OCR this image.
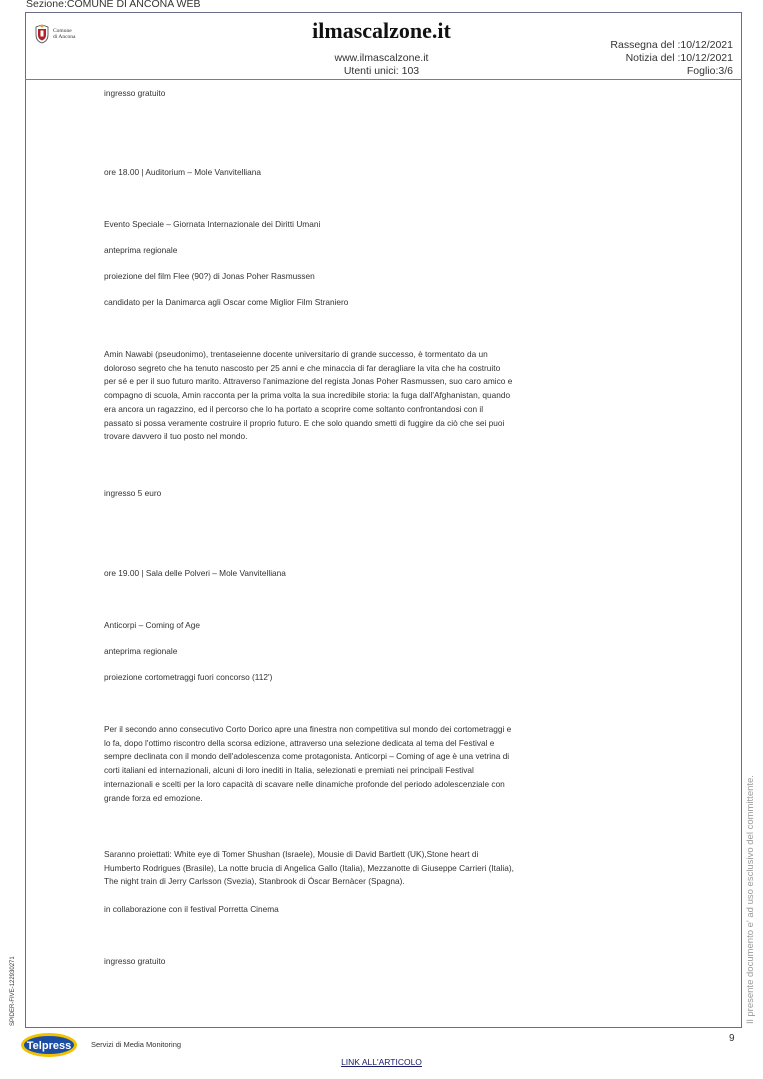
Sezione:COMUNE DI ANCONA WEB
Comune
di Ancona	ilmascalzone.it
www.ilmascalzone.it
Utenti unici: 103
Rassegna del :10/12/2021
Notizia del :10/12/2021
Foglio:3/6

ingresso gratuito

ore 18.00 | Auditorium – Mole Vanvitelliana

Evento Speciale – Giornata Internazionale dei Diritti Umani

anteprima regionale

proiezione del film Flee (90?) di Jonas Poher Rasmussen

candidato per la Danimarca agli Oscar come Miglior Film Straniero

Amin Nawabi (pseudonimo), trentaseienne docente universitario di grande successo, è tormentato da un doloroso segreto che ha tenuto nascosto per 25 anni e che minaccia di far deragliare la vita che ha costruito per sé e per il suo futuro marito. Attraverso l'animazione del regista Jonas Poher Rasmussen, suo caro amico e compagno di scuola, Amin racconta per la prima volta la sua incredibile storia: la fuga dall'Afghanistan, quando era ancora un ragazzino, ed il percorso che lo ha portato a scoprire come soltanto confrontandosi con il passato si possa veramente costruire il proprio futuro. E che solo quando smetti di fuggire da ciò che sei puoi trovare davvero il tuo posto nel mondo.

ingresso 5 euro

ore 19.00 | Sala delle Polveri – Mole Vanvitelliana

Anticorpi – Coming of Age

anteprima regionale

proiezione cortometraggi fuori concorso (112')

Per il secondo anno consecutivo Corto Dorico apre una finestra non competitiva sul mondo dei cortometraggi e lo fa, dopo l'ottimo riscontro della scorsa edizione, attraverso una selezione dedicata al tema del Festival e sempre declinata con il mondo dell'adolescenza come protagonista. Anticorpi – Coming of age è una vetrina di corti italiani ed internazionali, alcuni di loro inediti in Italia, selezionati e premiati nei principali Festival internazionali e scelti per la loro capacità di scavare nelle dinamiche profonde del periodo adolescenziale con grande forza ed emozione.

Saranno proiettati: White eye di Tomer Shushan (Israele), Mousie di David Bartlett (UK),Stone heart di Humberto Rodrigues (Brasile), La notte brucia di Angelica Gallo (Italia), Mezzanotte di Giuseppe Carrieri (Italia), The night train di Jerry Carlsson (Svezia), Stanbrook di Óscar Bernàcer (Spagna).

in collaborazione con il festival Porretta Cinema

ingresso gratuito	Il presente documento e' ad uso esclusivo del committente.
SPIDER-FIVE-122930271
9
Telpress	Servizi di Media Monitoring
LINK ALL'ARTICOLO
